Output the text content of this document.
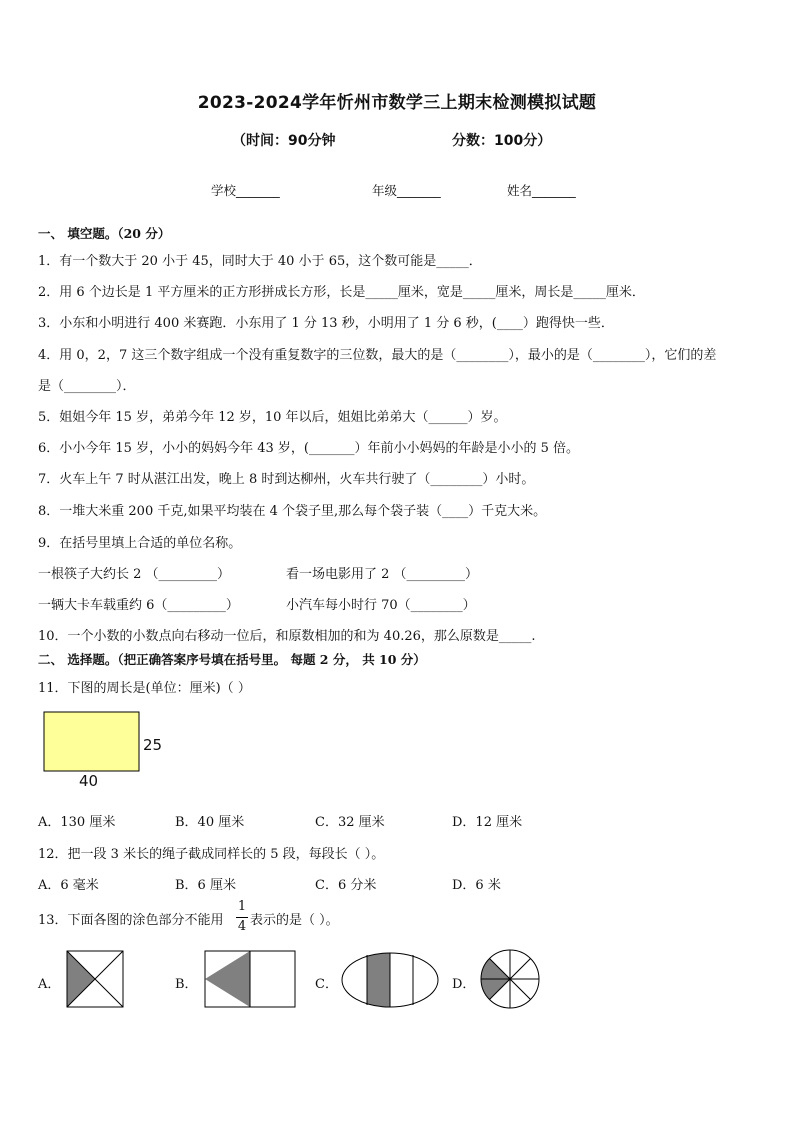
2023-2024学年忻州市数学三上期末检测模拟试题
（时间：90分钟	分数：100分）
学校_______	年级_______	姓名_______
一、 填空题。（20 分）
1．有一个数大于 20 小于 45，同时大于 40 小于 65，这个数可能是_____．
2．用 6 个边长是 1 平方厘米的正方形拼成长方形，长是_____厘米，宽是_____厘米，周长是_____厘米．
3．小东和小明进行 400 米赛跑．小东用了 1 分 13 秒，小明用了 1 分 6 秒，(____）跑得快一些．
4．用 0，2，7 这三个数字组成一个没有重复数字的三位数，最大的是（________），最小的是（________），它们的差
是（________）．
5．姐姐今年 15 岁，弟弟今年 12 岁，10 年以后，姐姐比弟弟大（______）岁。
6．小小今年 15 岁，小小的妈妈今年 43 岁，(_______）年前小小妈妈的年龄是小小的 5 倍。
7．火车上午 7 时从湛江出发，晚上 8 时到达柳州，火车共行驶了（________）小时。
8．一堆大米重 200 千克,如果平均装在 4 个袋子里,那么每个袋子装（____）千克大米。
9．在括号里填上合适的单位名称。
一根筷子大约长 2 （_________）	看一场电影用了 2 （_________）
一辆大卡车载重约 6（_________）	小汽车每小时行 70（________）
10．一个小数的小数点向右移动一位后，和原数相加的和为 40.26，那么原数是_____.
二、 选择题。（把正确答案序号填在括号里。 每题 2 分， 共 10 分）
11．下图的周长是(单位：厘米)（ ）
25
40
A．130 厘米	B．40 厘米	C．32 厘米	D．12 厘米
12．把一段 3 米长的绳子截成同样长的 5 段，每段长（ ）。
A．6 毫米	B．6 厘米	C．6 分米	D．6 米
13．下面各图的涂色部分不能用
1
4 表示的是（ ）。
A．	B．	C．	D．
